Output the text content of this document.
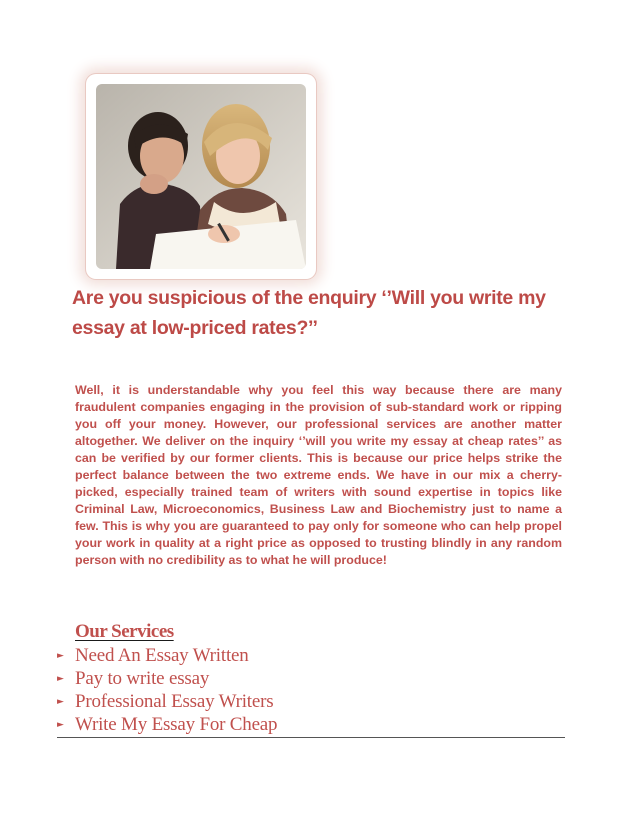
Are you suspicious of the enquiry ‘’Will you write my essay at low-priced rates?’’

Well, it is understandable why you feel this way because there are many fraudulent companies engaging in the provision of sub-standard work or ripping you off your money. However, our professional services are another matter altogether. We deliver on the inquiry ‘’will you write my essay at cheap rates’’ as can be verified by our former clients. This is because our price helps strike the perfect balance between the two extreme ends. We have in our mix a cherry-picked, especially trained team of writers with sound expertise in topics like Criminal Law, Microeconomics, Business Law and Biochemistry just to name a few. This is why you are guaranteed to pay only for someone who can help propel your work in quality at a right price as opposed to trusting blindly in any random person with no credibility as to what he will produce!

Our Services
► Need An Essay Written
► Pay to write essay
► Professional Essay Writers
► Write My Essay For Cheap
